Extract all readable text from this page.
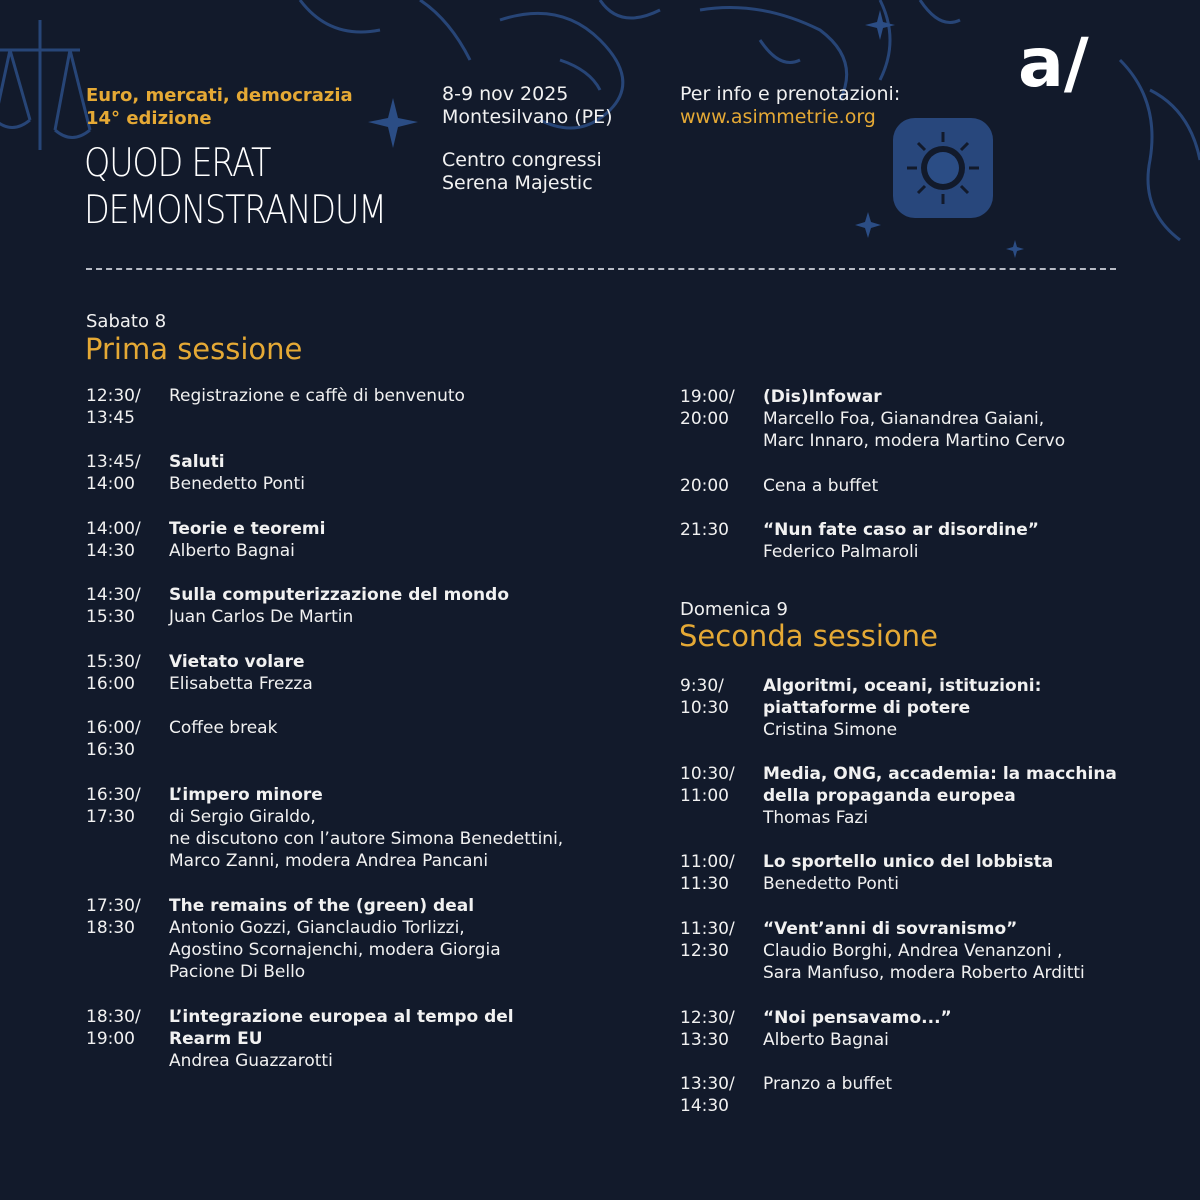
a/
Euro, mercati, democrazia
14° edizione
QUOD ERAT
DEMONSTRANDUM
8-9 nov 2025
Montesilvano (PE)
Centro congressi
Serena Majestic
Per info e prenotazioni:
www.asimmetrie.org
Sabato 8
Prima sessione
12:30/
13:45
Registrazione e caffè di benvenuto
13:45/
14:00
Saluti
Benedetto Ponti
14:00/
14:30
Teorie e teoremi
Alberto Bagnai
14:30/
15:30
Sulla computerizzazione del mondo
Juan Carlos De Martin
15:30/
16:00
Vietato volare
Elisabetta Frezza
16:00/
16:30
Coffee break
16:30/
17:30
L’impero minore
di Sergio Giraldo,
ne discutono con l’autore Simona Benedettini,
Marco Zanni, modera Andrea Pancani
17:30/
18:30
The remains of the (green) deal
Antonio Gozzi, Gianclaudio Torlizzi,
Agostino Scornajenchi, modera Giorgia
Pacione Di Bello
18:30/
19:00
L’integrazione europea al tempo del
Rearm EU
Andrea Guazzarotti
19:00/
20:00
(Dis)Infowar
Marcello Foa, Gianandrea Gaiani,
Marc Innaro, modera Martino Cervo
20:00	Cena a buffet
21:30	“Nun fate caso ar disordine”
Federico Palmaroli
Domenica 9
Seconda sessione
9:30/
10:30
Algoritmi, oceani, istituzioni:
piattaforme di potere
Cristina Simone
10:30/
11:00
Media, ONG, accademia: la macchina
della propaganda europea
Thomas Fazi
11:00/
11:30
Lo sportello unico del lobbista
Benedetto Ponti
11:30/
12:30
“Vent’anni di sovranismo”
Claudio Borghi, Andrea Venanzoni ,
Sara Manfuso, modera Roberto Arditti
12:30/
13:30
“Noi pensavamo...”
Alberto Bagnai
13:30/
14:30
Pranzo a buffet
